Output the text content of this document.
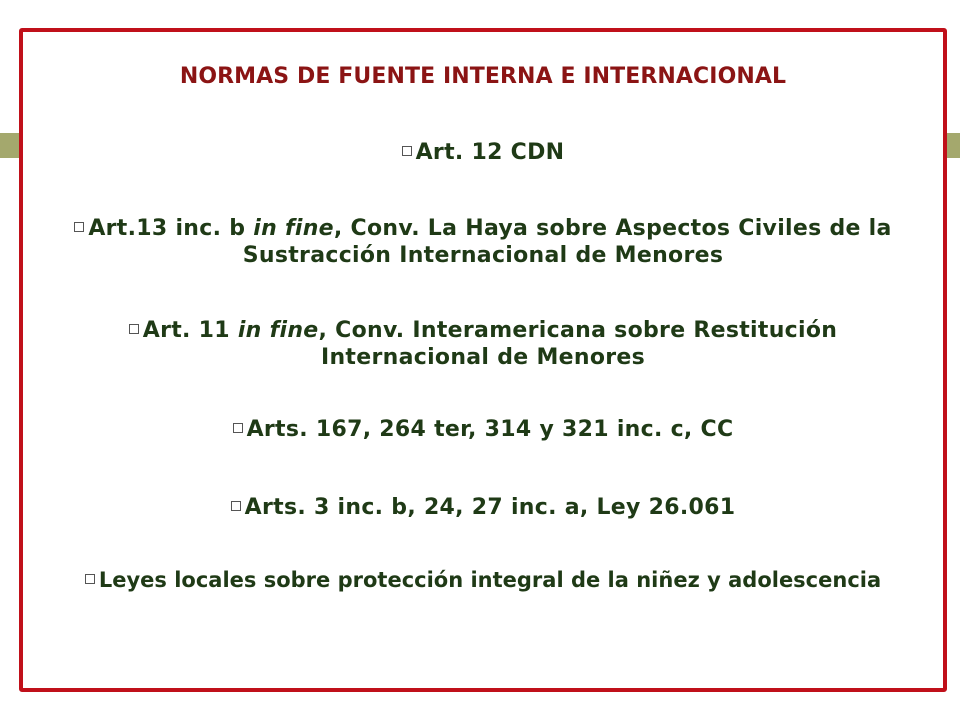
NORMAS DE FUENTE INTERNA E INTERNACIONAL
Art. 12 CDN
Art.13 inc. b in fine, Conv. La Haya sobre Aspectos Civiles de la
Sustracción Internacional de Menores
Art. 11 in fine, Conv. Interamericana sobre Restitución
Internacional de Menores
Arts. 167, 264 ter, 314 y 321 inc. c, CC
Arts. 3 inc. b, 24, 27 inc. a, Ley 26.061
Leyes locales sobre protección integral de la niñez y adolescencia
